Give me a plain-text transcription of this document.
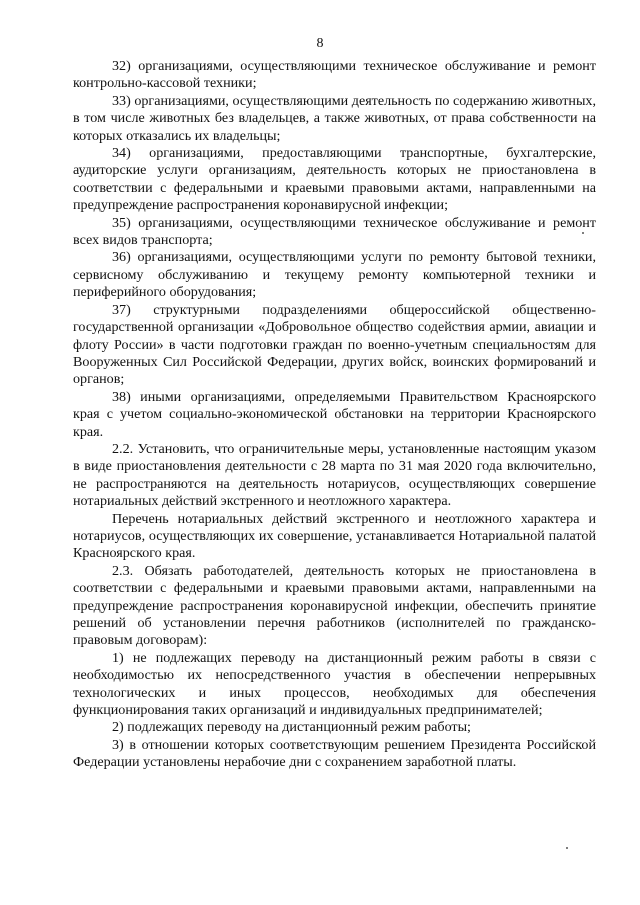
8

32) организациями, осуществляющими техническое обслуживание и ремонт контрольно-кассовой техники;

33) организациями, осуществляющими деятельность по содержанию животных, в том числе животных без владельцев, а также животных, от права собственности на которых отказались их владельцы;

34) организациями, предоставляющими транспортные, бухгалтерские, аудиторские услуги организациям, деятельность которых не приостановлена в соответствии с федеральными и краевыми правовыми актами, направленными на предупреждение распространения коронавирусной инфекции;

35) организациями, осуществляющими техническое обслуживание и ремонт всех видов транспорта;

36) организациями, осуществляющими услуги по ремонту бытовой техники, сервисному обслуживанию и текущему ремонту компьютерной техники и периферийного оборудования;

37) структурными подразделениями общероссийской общественно-государственной организации «Добровольное общество содействия армии, авиации и флоту России» в части подготовки граждан по военно-учетным специальностям для Вооруженных Сил Российской Федерации, других войск, воинских формирований и органов;

38) иными организациями, определяемыми Правительством Красноярского края с учетом социально-экономической обстановки на территории Красноярского края.

2.2. Установить, что ограничительные меры, установленные настоящим указом в виде приостановления деятельности с 28 марта по 31 мая 2020 года включительно, не распространяются на деятельность нотариусов, осуществляющих совершение нотариальных действий экстренного и неотложного характера.

Перечень нотариальных действий экстренного и неотложного характера и нотариусов, осуществляющих их совершение, устанавливается Нотариальной палатой Красноярского края.

2.3. Обязать работодателей, деятельность которых не приостановлена в соответствии с федеральными и краевыми правовыми актами, направленными на предупреждение распространения коронавирусной инфекции, обеспечить принятие решений об установлении перечня работников (исполнителей по гражданско-правовым договорам):

1) не подлежащих переводу на дистанционный режим работы в связи с необходимостью их непосредственного участия в обеспечении непрерывных технологических и иных процессов, необходимых для обеспечения функционирования таких организаций и индивидуальных предпринимателей;

2) подлежащих переводу на дистанционный режим работы;

3) в отношении которых соответствующим решением Президента Российской Федерации установлены нерабочие дни с сохранением заработной платы.
